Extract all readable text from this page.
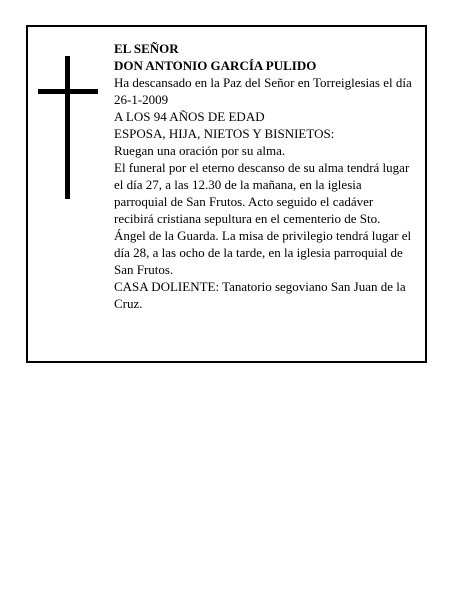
EL SEÑOR

DON ANTONIO GARCÍA PULIDO

Ha descansado en la Paz del Señor en Torreiglesias el día 26-1-2009

A LOS 94 AÑOS DE EDAD

ESPOSA, HIJA, NIETOS Y BISNIETOS:

Ruegan una oración por su alma.

El funeral por el eterno descanso de su alma tendrá lugar el día 27, a las 12.30 de la mañana, en la iglesia parroquial de San Frutos. Acto seguido el cadáver recibirá cristiana sepultura en el cementerio de Sto. Ángel de la Guarda. La misa de privilegio tendrá lugar el día 28, a las ocho de la tarde, en la iglesia parroquial de San Frutos.

CASA DOLIENTE: Tanatorio segoviano San Juan de la Cruz.
